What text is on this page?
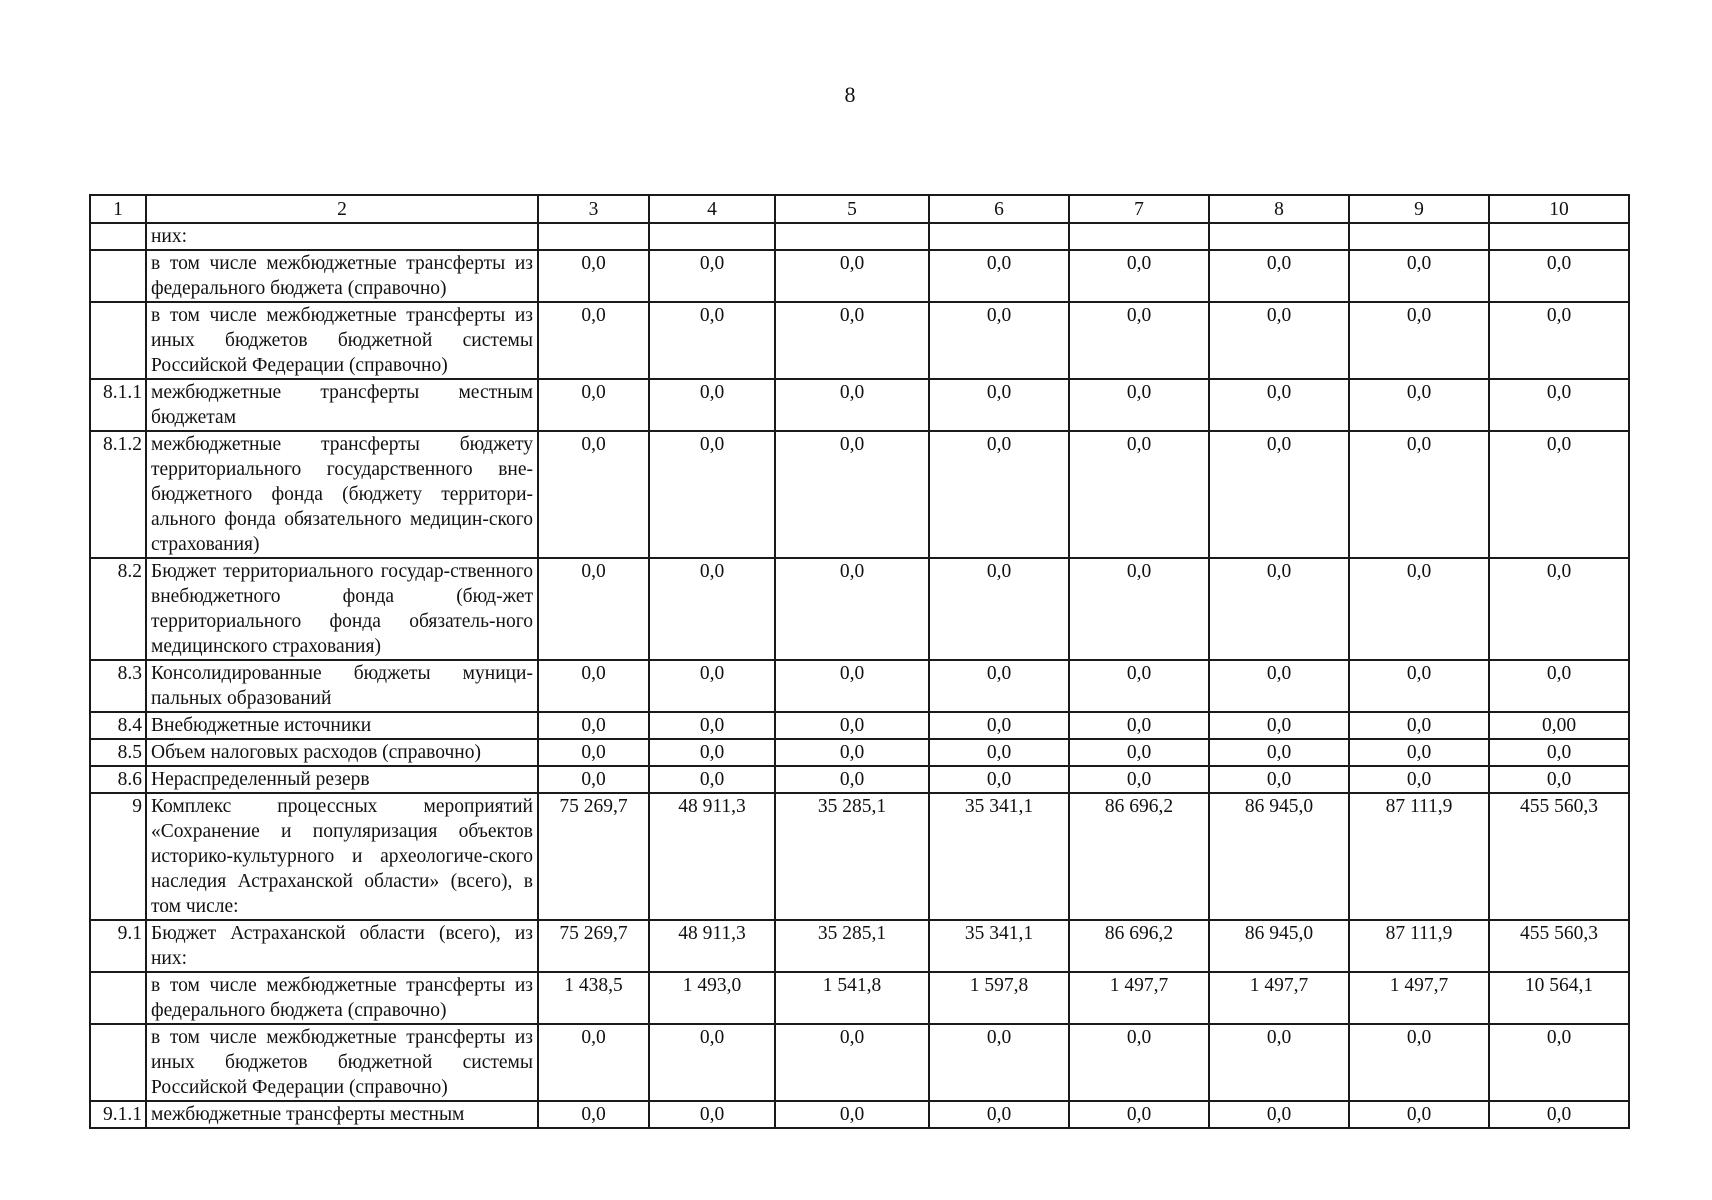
8
1	2	3	4	5	6	7	8	9	10
	них:								
	в том числе межбюджетные трансферты из федерального бюджета (справочно)	0,0	0,0	0,0	0,0	0,0	0,0	0,0	0,0
	в том числе межбюджетные трансферты из иных бюджетов бюджетной системы Российской Федерации (справочно)	0,0	0,0	0,0	0,0	0,0	0,0	0,0	0,0
8.1.1	межбюджетные трансферты местным бюджетам	0,0	0,0	0,0	0,0	0,0	0,0	0,0	0,0
8.1.2	межбюджетные трансферты бюджету территориального государственного вне-бюджетного фонда (бюджету территори-ального фонда обязательного медицин-ского страхования)	0,0	0,0	0,0	0,0	0,0	0,0	0,0	0,0
8.2	Бюджет территориального государ-ственного внебюджетного фонда (бюд-жет территориального фонда обязатель-ного медицинского страхования)	0,0	0,0	0,0	0,0	0,0	0,0	0,0	0,0
8.3	Консолидированные бюджеты муници-пальных образований	0,0	0,0	0,0	0,0	0,0	0,0	0,0	0,0
8.4	Внебюджетные источники	0,0	0,0	0,0	0,0	0,0	0,0	0,0	0,00
8.5	Объем налоговых расходов (справочно)	0,0	0,0	0,0	0,0	0,0	0,0	0,0	0,0
8.6	Нераспределенный резерв	0,0	0,0	0,0	0,0	0,0	0,0	0,0	0,0
9	Комплекс процессных мероприятий «Сохранение и популяризация объектов историко-культурного и археологиче-ского наследия Астраханской области» (всего), в том числе:	75 269,7	48 911,3	35 285,1	35 341,1	86 696,2	86 945,0	87 111,9	455 560,3
9.1	Бюджет Астраханской области (всего), из них:	75 269,7	48 911,3	35 285,1	35 341,1	86 696,2	86 945,0	87 111,9	455 560,3
	в том числе межбюджетные трансферты из федерального бюджета (справочно)	1 438,5	1 493,0	1 541,8	1 597,8	1 497,7	1 497,7	1 497,7	10 564,1
	в том числе межбюджетные трансферты из иных бюджетов бюджетной системы Российской Федерации (справочно)	0,0	0,0	0,0	0,0	0,0	0,0	0,0	0,0
9.1.1	межбюджетные трансферты местным	0,0	0,0	0,0	0,0	0,0	0,0	0,0	0,0
